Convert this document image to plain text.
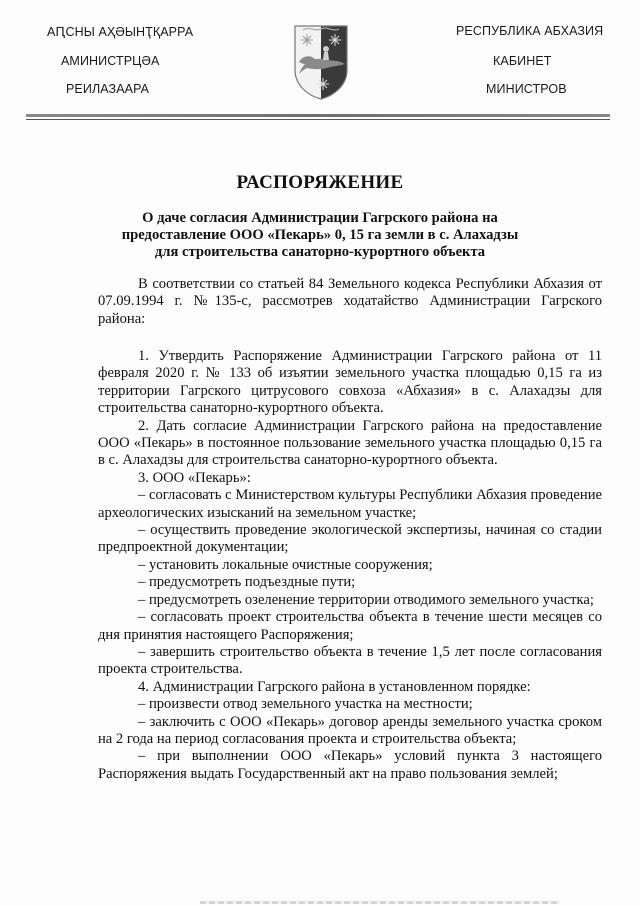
АԤСНЫ АҲӘЫНҬҚАРРА
АМИНИСТРЦӘА
РЕИЛАЗААРА
РЕСПУБЛИКА АБХАЗИЯ
КАБИНЕТ
МИНИСТРОВ
РАСПОРЯЖЕНИЕ
О даче согласия Администрации Гагрского района на
предоставление ООО «Пекарь» 0, 15 га земли в с. Алахадзы
для строительства санаторно-курортного объекта

В соответствии со статьей 84 Земельного кодекса Республики Абхазия от 07.09.1994 г. №135-с, рассмотрев ходатайство Администрации Гагрского района:

1. Утвердить Распоряжение Администрации Гагрского района от 11 февраля 2020 г. № 133 об изъятии земельного участка площадью 0,15 га из территории Гагрского цитрусового совхоза «Абхазия» в с. Алахадзы для строительства санаторно-курортного объекта.

2. Дать согласие Администрации Гагрского района на предоставление ООО «Пекарь» в постоянное пользование земельного участка площадью 0,15 га в с. Алахадзы для строительства санаторно-курортного объекта.

3. ООО «Пекарь»:

– согласовать с Министерством культуры Республики Абхазия проведение археологических изысканий на земельном участке;

– осуществить проведение экологической экспертизы, начиная со стадии предпроектной документации;

– установить локальные очистные сооружения;

– предусмотреть подъездные пути;

– предусмотреть озеленение территории отводимого земельного участка;

– согласовать проект строительства объекта в течение шести месяцев со дня принятия настоящего Распоряжения;

– завершить строительство объекта в течение 1,5 лет после согласования проекта строительства.

4. Администрации Гагрского района в установленном порядке:

– произвести отвод земельного участка на местности;

– заключить с ООО «Пекарь» договор аренды земельного участка сроком на 2 года на период согласования проекта и строительства объекта;

– при выполнении ООО «Пекарь» условий пункта 3 настоящего Распоряжения выдать Государственный акт на право пользования землей;
